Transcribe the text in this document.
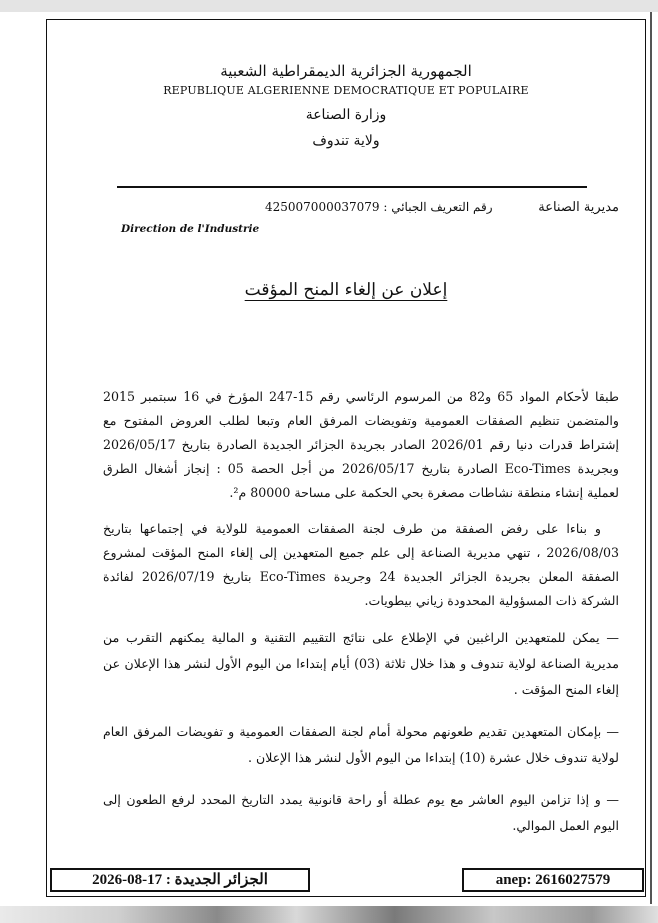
الجمهورية الجزائرية الديمقراطية الشعبية

REPUBLIQUE ALGERIENNE DEMOCRATIQUE ET POPULAIRE

وزارة الصناعة

ولاية تندوف

مديرية الصناعة
رقم التعريف الجبائي : 425007000037079
Direction de l'Industrie
إعلان عن إلغاء المنح المؤقت

طبقا لأحكام المواد 65 و82 من المرسوم الرئاسي رقم 15-247 المؤرخ في 16 سبتمبر 2015 والمتضمن تنظيم الصفقات العمومية وتفويضات المرفق العام وتبعا لطلب العروض المفتوح مع إشتراط قدرات دنيا رقم 2026/01 الصادر بجريدة الجزائر الجديدة الصادرة بتاريخ 2026/05/17 وبجريدة Eco-Times الصادرة بتاريخ 2026/05/17 من أجل الحصة 05 : إنجاز أشغال الطرق لعملية إنشاء منطقة نشاطات مصغرة بحي الحكمة على مساحة 80000 م².

و بناءا على رفض الصفقة من طرف لجنة الصفقات العمومية للولاية في إجتماعها بتاريخ 2026/08/03 ، تنهي مديرية الصناعة إلى علم جميع المتعهدين إلى إلغاء المنح المؤقت لمشروع الصفقة المعلن بجريدة الجزائر الجديدة 24 وجريدة Eco-Times بتاريخ 2026/07/19 لفائدة الشركة ذات المسؤولية المحدودة زياني بيطويات.

— يمكن للمتعهدين الراغبين في الإطلاع على نتائج التقييم التقنية و المالية يمكنهم التقرب من مديرية الصناعة لولاية تندوف و هذا خلال ثلاثة (03) أيام إبتداءا من اليوم الأول لنشر هذا الإعلان عن إلغاء المنح المؤقت .

— بإمكان المتعهدين تقديم طعونهم محولة أمام لجنة الصفقات العمومية و تفويضات المرفق العام لولاية تندوف خلال عشرة (10) إبتداءا من اليوم الأول لنشر هذا الإعلان .

— و إذا تزامن اليوم العاشر مع يوم عطلة أو راحة قانونية يمدد التاريخ المحدد لرفع الطعون إلى اليوم العمل الموالي.

الجزائر الجديدة : 17-08-2026	anep: 2616027579
